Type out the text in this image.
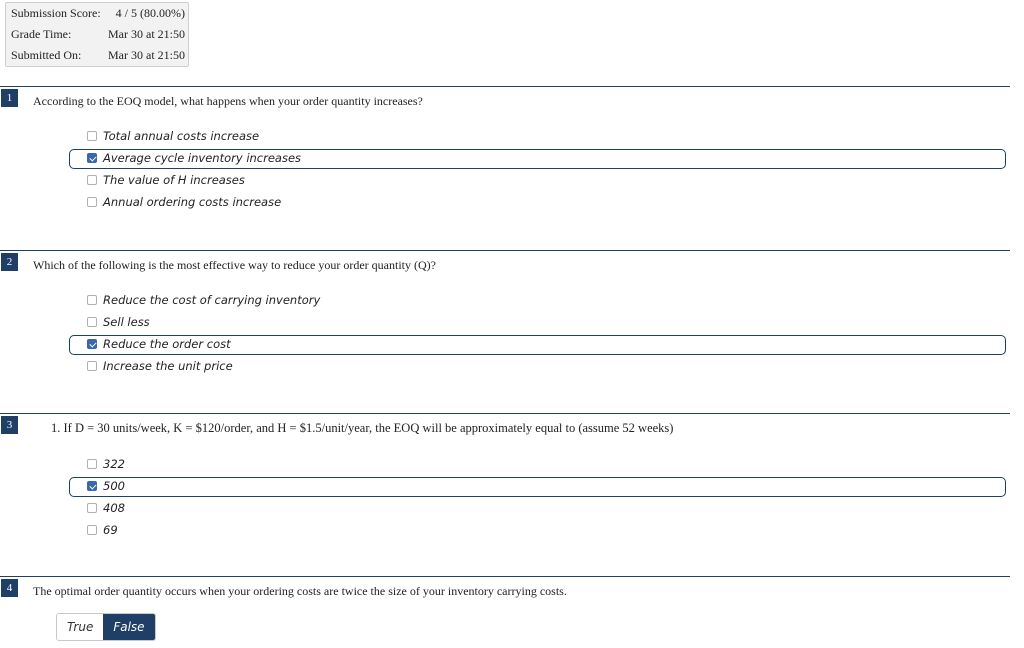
Submission Score: 4 / 5 (80.00%)
Grade Time:	Mar 30 at 21:50
Submitted On: Mar 30 at 21:50
1	According to the EOQ model, what happens when your order quantity increases?
Total annual costs increase
Average cycle inventory increases
The value of H increases
Annual ordering costs increase
2	Which of the following is the most effective way to reduce your order quantity (Q)?
Reduce the cost of carrying inventory
Sell less
Reduce the order cost
Increase the unit price
3	1. If D = 30 units/week, K = $120/order, and H = $1.5/unit/year, the EOQ will be approximately equal to (assume 52 weeks)
322
500
408
69
4	The optimal order quantity occurs when your ordering costs are twice the size of your inventory carrying costs.
True	False
